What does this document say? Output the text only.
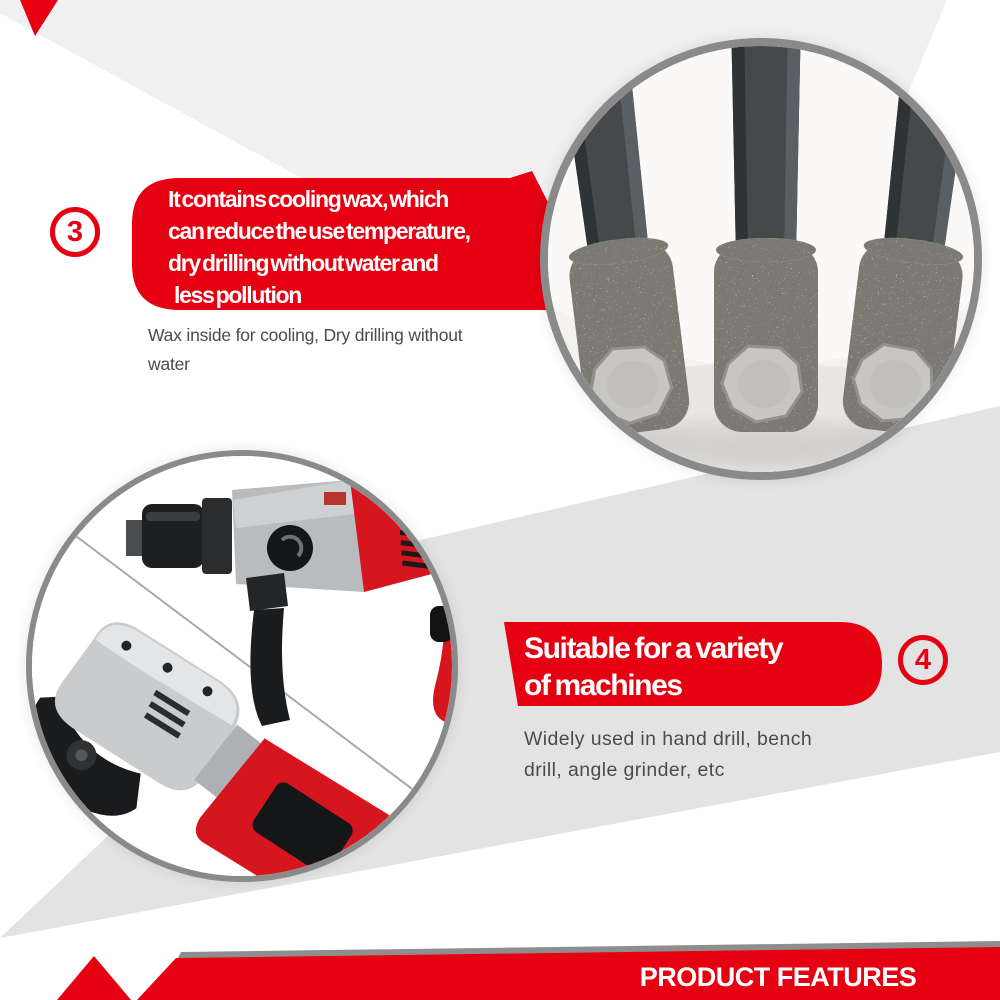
It contains cooling wax, which
can reduce the use temperature,
dry drilling without water and
less pollution
Wax inside for cooling, Dry drilling without
water
3
Suitable for a variety
of machines
Widely used in hand drill, bench
drill, angle grinder, etc
4
PRODUCT FEATURES
